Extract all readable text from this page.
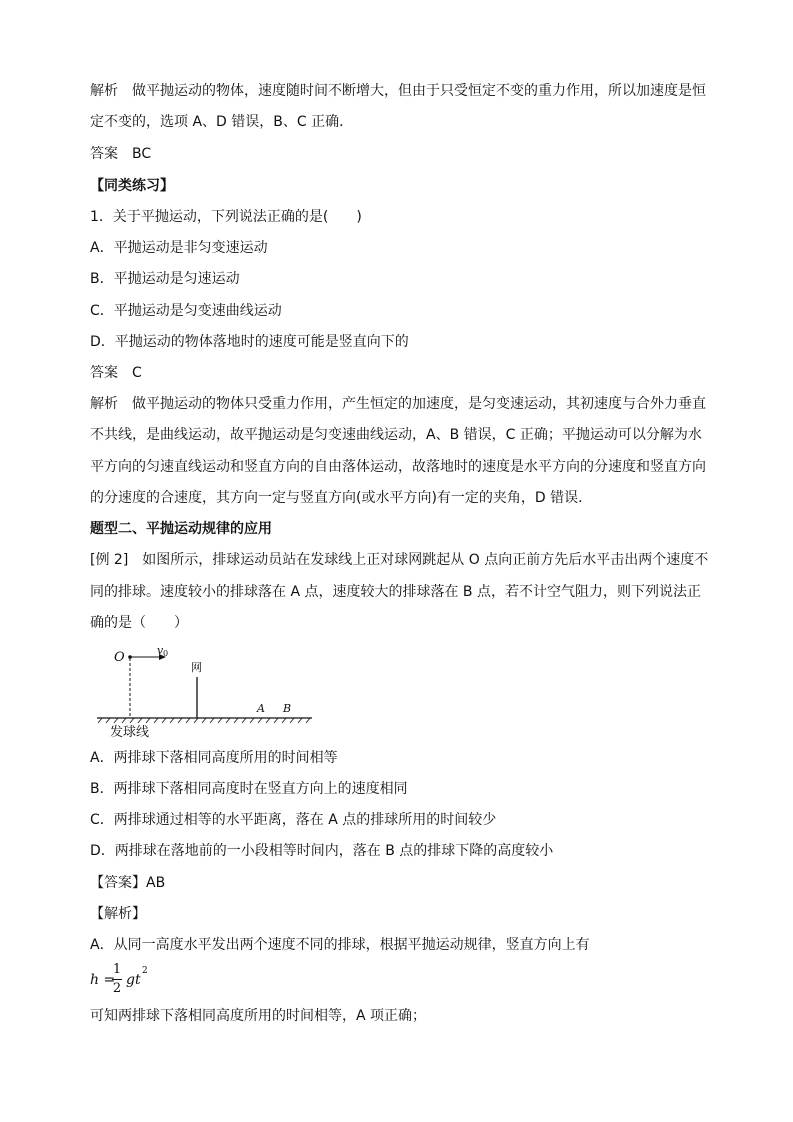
解析 做平抛运动的物体，速度随时间不断增大，但由于只受恒定不变的重力作用，所以加速度是恒
定不变的，选项 A、D 错误，B、C 正确．
答案 BC
【同类练习】
1．关于平抛运动，下列说法正确的是(　　)
A．平抛运动是非匀变速运动
B．平抛运动是匀速运动
C．平抛运动是匀变速曲线运动
D．平抛运动的物体落地时的速度可能是竖直向下的
答案 C
解析 做平抛运动的物体只受重力作用，产生恒定的加速度，是匀变速运动，其初速度与合外力垂直
不共线，是曲线运动，故平抛运动是匀变速曲线运动，A、B 错误，C 正确；平抛运动可以分解为水
平方向的匀速直线运动和竖直方向的自由落体运动，故落地时的速度是水平方向的分速度和竖直方向
的分速度的合速度，其方向一定与竖直方向(或水平方向)有一定的夹角，D 错误．
题型二、平抛运动规律的应用
[例 2]　如图所示，排球运动员站在发球线上正对球网跳起从 O 点向正前方先后水平击出两个速度不
同的排球。速度较小的排球落在 A 点，速度较大的排球落在 B 点，若不计空气阻力，则下列说法正
确的是（　　）
O	v 0
网
A B
发球线
A．两排球下落相同高度所用的时间相等
B．两排球下落相同高度时在竖直方向上的速度相同
C．两排球通过相等的水平距离，落在 A 点的排球所用的时间较少
D．两排球在落地前的一小段相等时间内，落在 B 点的排球下降的高度较小
【答案】AB
【解析】
A．从同一高度水平发出两个速度不同的排球，根据平抛运动规律，竖直方向上有
h =
1
2
gt
2
可知两排球下落相同高度所用的时间相等，A 项正确；
